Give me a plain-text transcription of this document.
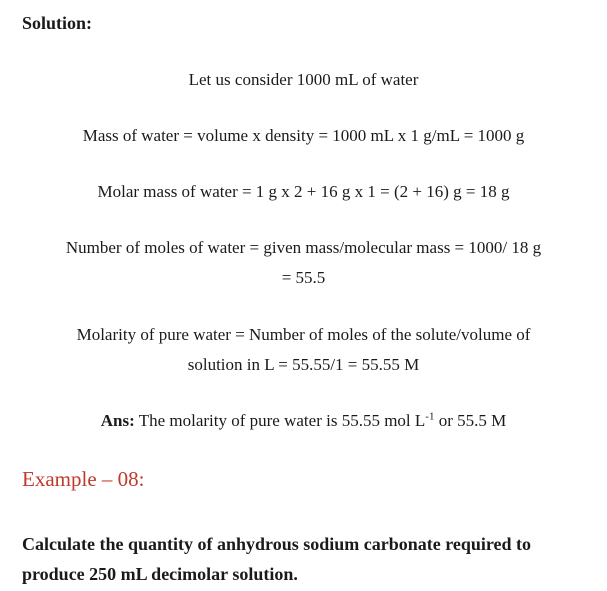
Solution:

Let us consider 1000 mL of water

Mass of water = volume x density = 1000 mL x 1 g/mL = 1000 g

Molar mass of water = 1 g x 2 + 16 g x 1 = (2 + 16) g = 18 g

Number of moles of water = given mass/molecular mass = 1000/ 18 g

= 55.5

Molarity of pure water = Number of moles of the solute/volume of

solution in L = 55.55/1 = 55.55 M

Ans: The molarity of pure water is 55.55 mol $L^{-1}$ or 55.5 M

Example – 08:

Calculate the quantity of anhydrous sodium carbonate required to produce 250 mL decimolar solution.
